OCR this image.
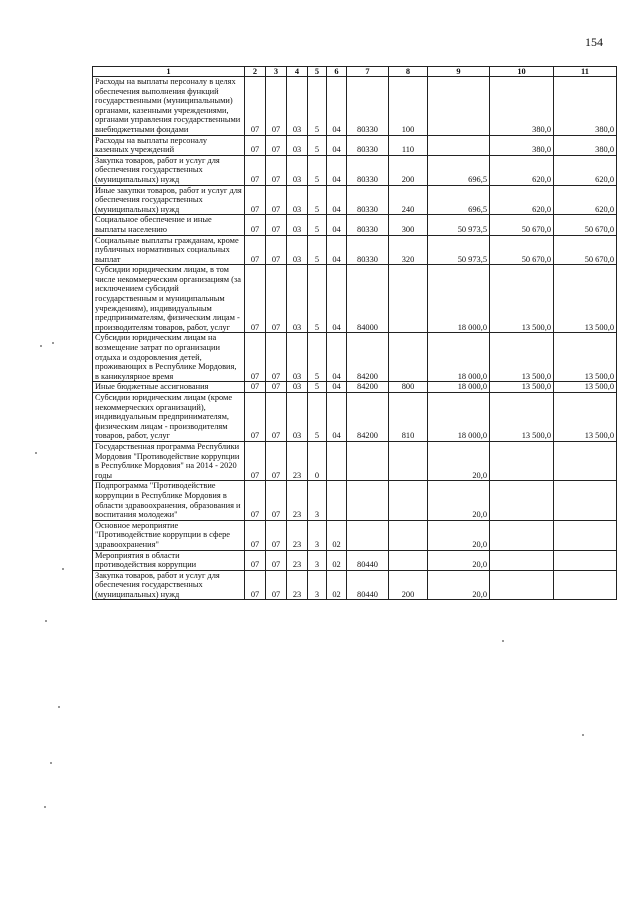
154
1	2	3	4	5	6	7	8	9	10	11
Расходы на выплаты персоналу в целях обеспечения выполнения функций государственными (муниципальными) органами, казенными учреждениями, органами управления государственными внебюджетными фондами	07	07	03	5	04	80330	100		380,0	380,0
Расходы на выплаты персоналу казенных учреждений	07	07	03	5	04	80330	110		380,0	380,0
Закупка товаров, работ и услуг для обеспечения государственных (муниципальных) нужд	07	07	03	5	04	80330	200	696,5	620,0	620,0
Иные закупки товаров, работ и услуг для обеспечения государственных (муниципальных) нужд	07	07	03	5	04	80330	240	696,5	620,0	620,0
Социальное обеспечение и иные выплаты населению	07	07	03	5	04	80330	300	50 973,5	50 670,0	50 670,0
Социальные выплаты гражданам, кроме публичных нормативных социальных выплат	07	07	03	5	04	80330	320	50 973,5	50 670,0	50 670,0
Субсидии юридическим лицам, в том числе некоммерческим организациям (за исключением субсидий государственным и муниципальным учреждениям), индивидуальным предпринимателям, физическим лицам - производителям товаров, работ, услуг	07	07	03	5	04	84000		18 000,0	13 500,0	13 500,0
Субсидии юридическим лицам на возмещение затрат по организации отдыха и оздоровления детей, проживающих в Республике Мордовия, в каникулярное время	07	07	03	5	04	84200		18 000,0	13 500,0	13 500,0
Иные бюджетные ассигнования	07	07	03	5	04	84200	800	18 000,0	13 500,0	13 500,0
Субсидии юридическим лицам (кроме некоммерческих организаций), индивидуальным предпринимателям, физическим лицам - производителям товаров, работ, услуг	07	07	03	5	04	84200	810	18 000,0	13 500,0	13 500,0
Государственная программа Республики Мордовия "Противодействие коррупции в Республике Мордовия" на 2014 - 2020 годы	07	07	23	0				20,0		
Подпрограмма "Противодействие коррупции в Республике Мордовия в области здравоохранения, образования и воспитания молодежи"	07	07	23	3				20,0		
Основное мероприятие "Противодействие коррупции в сфере здравоохранения"	07	07	23	3	02			20,0		
Мероприятия в области противодействия коррупции	07	07	23	3	02	80440		20,0		
Закупка товаров, работ и услуг для обеспечения государственных (муниципальных) нужд	07	07	23	3	02	80440	200	20,0		
